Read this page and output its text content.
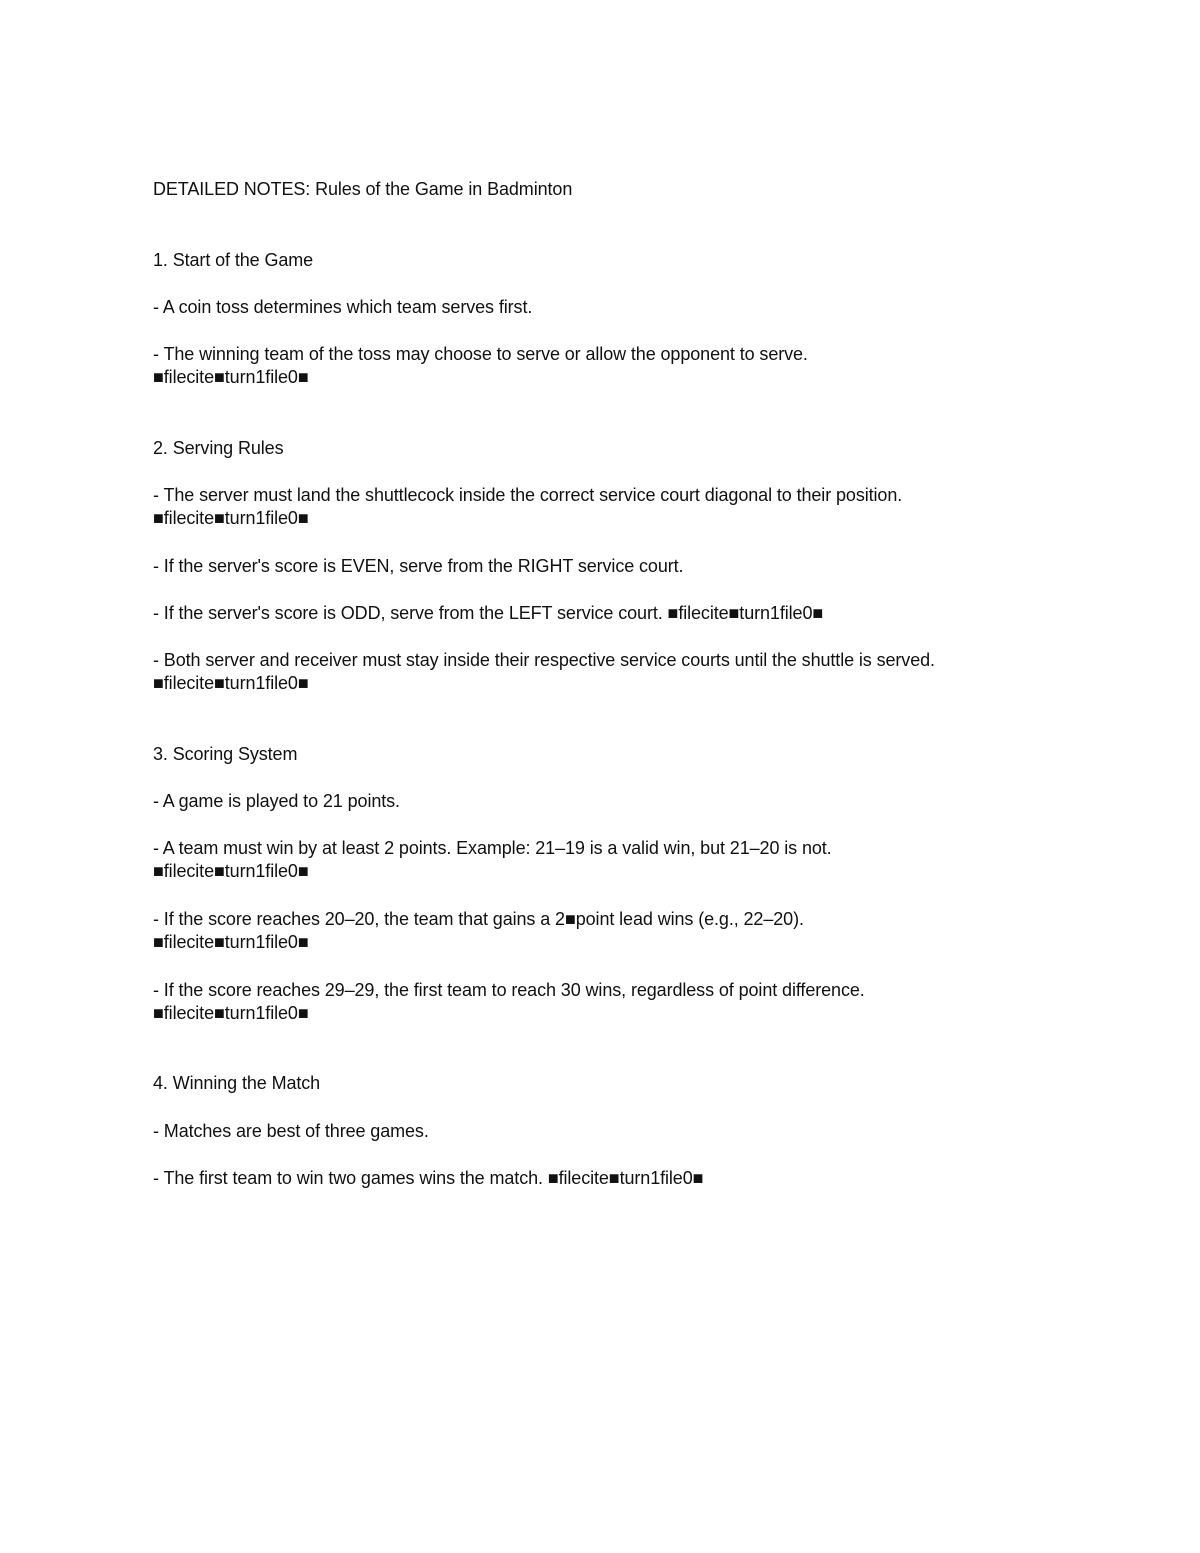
DETAILED NOTES: Rules of the Game in Badminton
1. Start of the Game
- A coin toss determines which team serves first.
- The winning team of the toss may choose to serve or allow the opponent to serve.
■filecite■turn1file0■
2. Serving Rules
- The server must land the shuttlecock inside the correct service court diagonal to their position.
■filecite■turn1file0■
- If the server's score is EVEN, serve from the RIGHT service court.
- If the server's score is ODD, serve from the LEFT service court. ■filecite■turn1file0■
- Both server and receiver must stay inside their respective service courts until the shuttle is served.
■filecite■turn1file0■
3. Scoring System
- A game is played to 21 points.
- A team must win by at least 2 points. Example: 21–19 is a valid win, but 21–20 is not.
■filecite■turn1file0■
- If the score reaches 20–20, the team that gains a 2■point lead wins (e.g., 22–20).
■filecite■turn1file0■
- If the score reaches 29–29, the first team to reach 30 wins, regardless of point difference.
■filecite■turn1file0■
4. Winning the Match
- Matches are best of three games.
- The first team to win two games wins the match. ■filecite■turn1file0■
